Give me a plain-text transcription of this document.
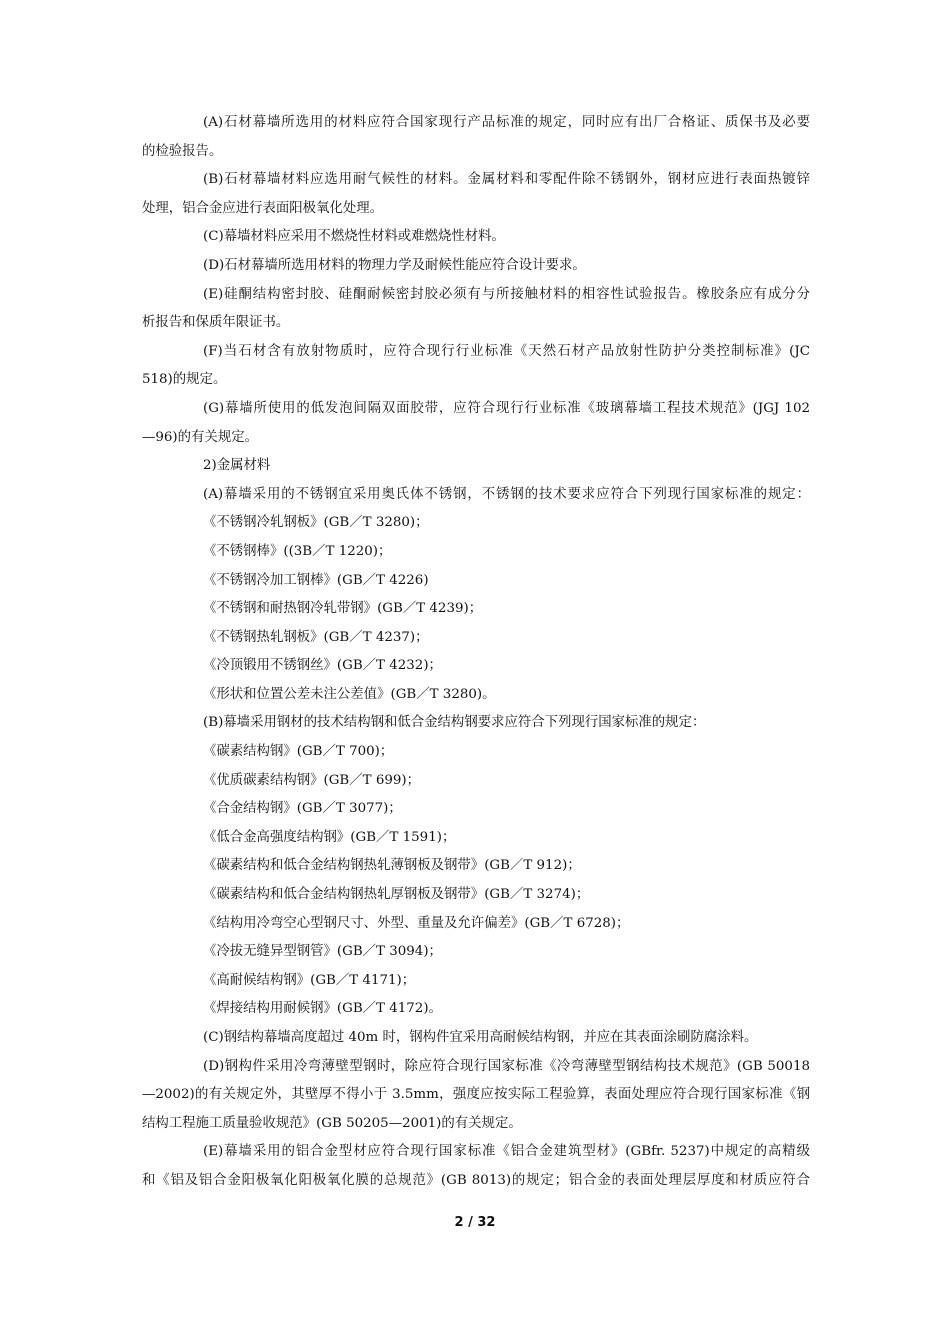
(A)石材幕墙所选用的材料应符合国家现行产品标准的规定，同时应有出厂合格证、质保书及必要
的检验报告。
(B)石材幕墙材料应选用耐气候性的材料。金属材料和零配件除不锈钢外，钢材应进行表面热镀锌
处理，铝合金应进行表面阳极氧化处理。
(C)幕墙材料应采用不燃烧性材料或难燃烧性材料。
(D)石材幕墙所选用材料的物理力学及耐候性能应符合设计要求。
(E)硅酮结构密封胶、硅酮耐候密封胶必须有与所接触材料的相容性试验报告。橡胶条应有成分分
析报告和保质年限证书。
(F)当石材含有放射物质时，应符合现行行业标准《天然石材产品放射性防护分类控制标准》(JC
518)的规定。
(G)幕墙所使用的低发泡间隔双面胶带，应符合现行行业标准《玻璃幕墙工程技术规范》(JGJ 102
—96)的有关规定。
2)金属材料
(A)幕墙采用的不锈钢宜采用奥氏体不锈钢，不锈钢的技术要求应符合下列现行国家标准的规定：
《不锈钢冷轧钢板》(GB／T 3280)；
《不锈钢棒》((3B／T 1220)；
《不锈钢冷加工钢棒》(GB／T 4226)
《不锈钢和耐热钢冷轧带钢》(GB／T 4239)；
《不锈钢热轧钢板》(GB／T 4237)；
《冷顶锻用不锈钢丝》(GB／T 4232)；
《形状和位置公差未注公差值》(GB／T 3280)。
(B)幕墙采用钢材的技术结构钢和低合金结构钢要求应符合下列现行国家标准的规定：
《碳素结构钢》(GB／T 700)；
《优质碳素结构钢》(GB／T 699)；
《合金结构钢》(GB／T 3077)；
《低合金高强度结构钢》(GB／T 1591)；
《碳素结构和低合金结构钢热轧薄钢板及钢带》(GB／T 912)；
《碳素结构和低合金结构钢热轧厚钢板及钢带》(GB／T 3274)；
《结构用冷弯空心型钢尺寸、外型、重量及允许偏差》(GB／T 6728)；
《冷拔无缝异型钢管》(GB／T 3094)；
《高耐候结构钢》(GB／T 4171)；
《焊接结构用耐候钢》(GB／T 4172)。
(C)钢结构幕墙高度超过 40m 时，钢构件宜采用高耐候结构钢，并应在其表面涂刷防腐涂料。
(D)钢构件采用冷弯薄壁型钢时，除应符合现行国家标准《冷弯薄壁型钢结构技术规范》(GB 50018
—2002)的有关规定外，其壁厚不得小于 3.5mm，强度应按实际工程验算，表面处理应符合现行国家标准《钢
结构工程施工质量验收规范》(GB 50205—2001)的有关规定。
(E)幕墙采用的铝合金型材应符合现行国家标准《铝合金建筑型材》(GBfr. 5237)中规定的高精级
和《铝及铝合金阳极氧化阳极氧化膜的总规范》(GB 8013)的规定；铝合金的表面处理层厚度和材质应符合
2 / 32
